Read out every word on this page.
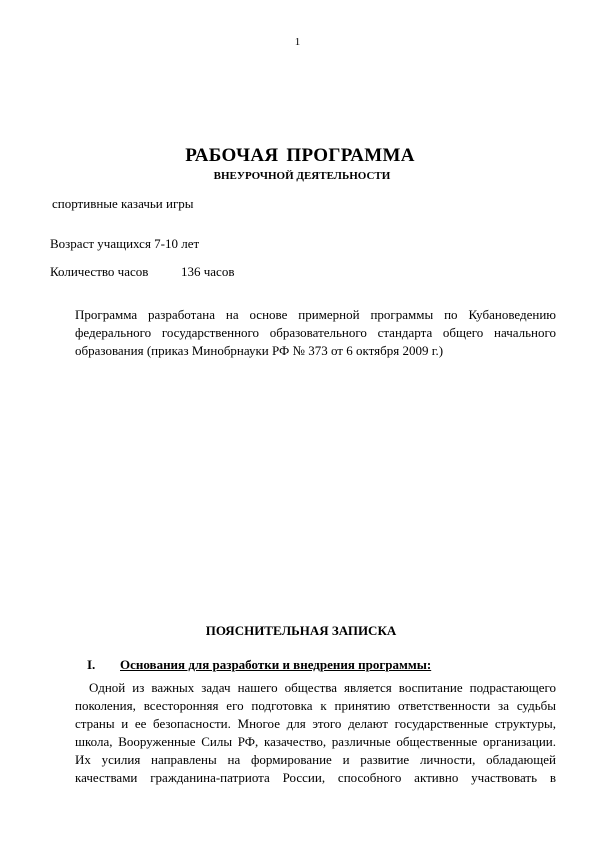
1
РАБОЧАЯ ПРОГРАММА
ВНЕУРОЧНОЙ ДЕЯТЕЛЬНОСТИ
спортивные казачьи игры
Возраст учащихся 7-10 лет
Количество часов	136 часов
Программа разработана на основе примерной программы по Кубановедению
федерального государственного образовательного стандарта общего начального
образования (приказ Минобрнауки РФ № 373 от 6 октября 2009 г.)
ПОЯСНИТЕЛЬНАЯ ЗАПИСКА
I. Основания для разработки и внедрения программы:
Одной из важных задач нашего общества является воспитание подрастающего
поколения, всесторонняя его подготовка к принятию ответственности за судьбы
страны и ее безопасности. Многое для этого делают государственные структуры,
школа, Вооруженные Силы РФ, казачество, различные общественные организации.
Их усилия направлены на формирование и развитие личности, обладающей
качествами гражданина-патриота России, способного активно участвовать в
